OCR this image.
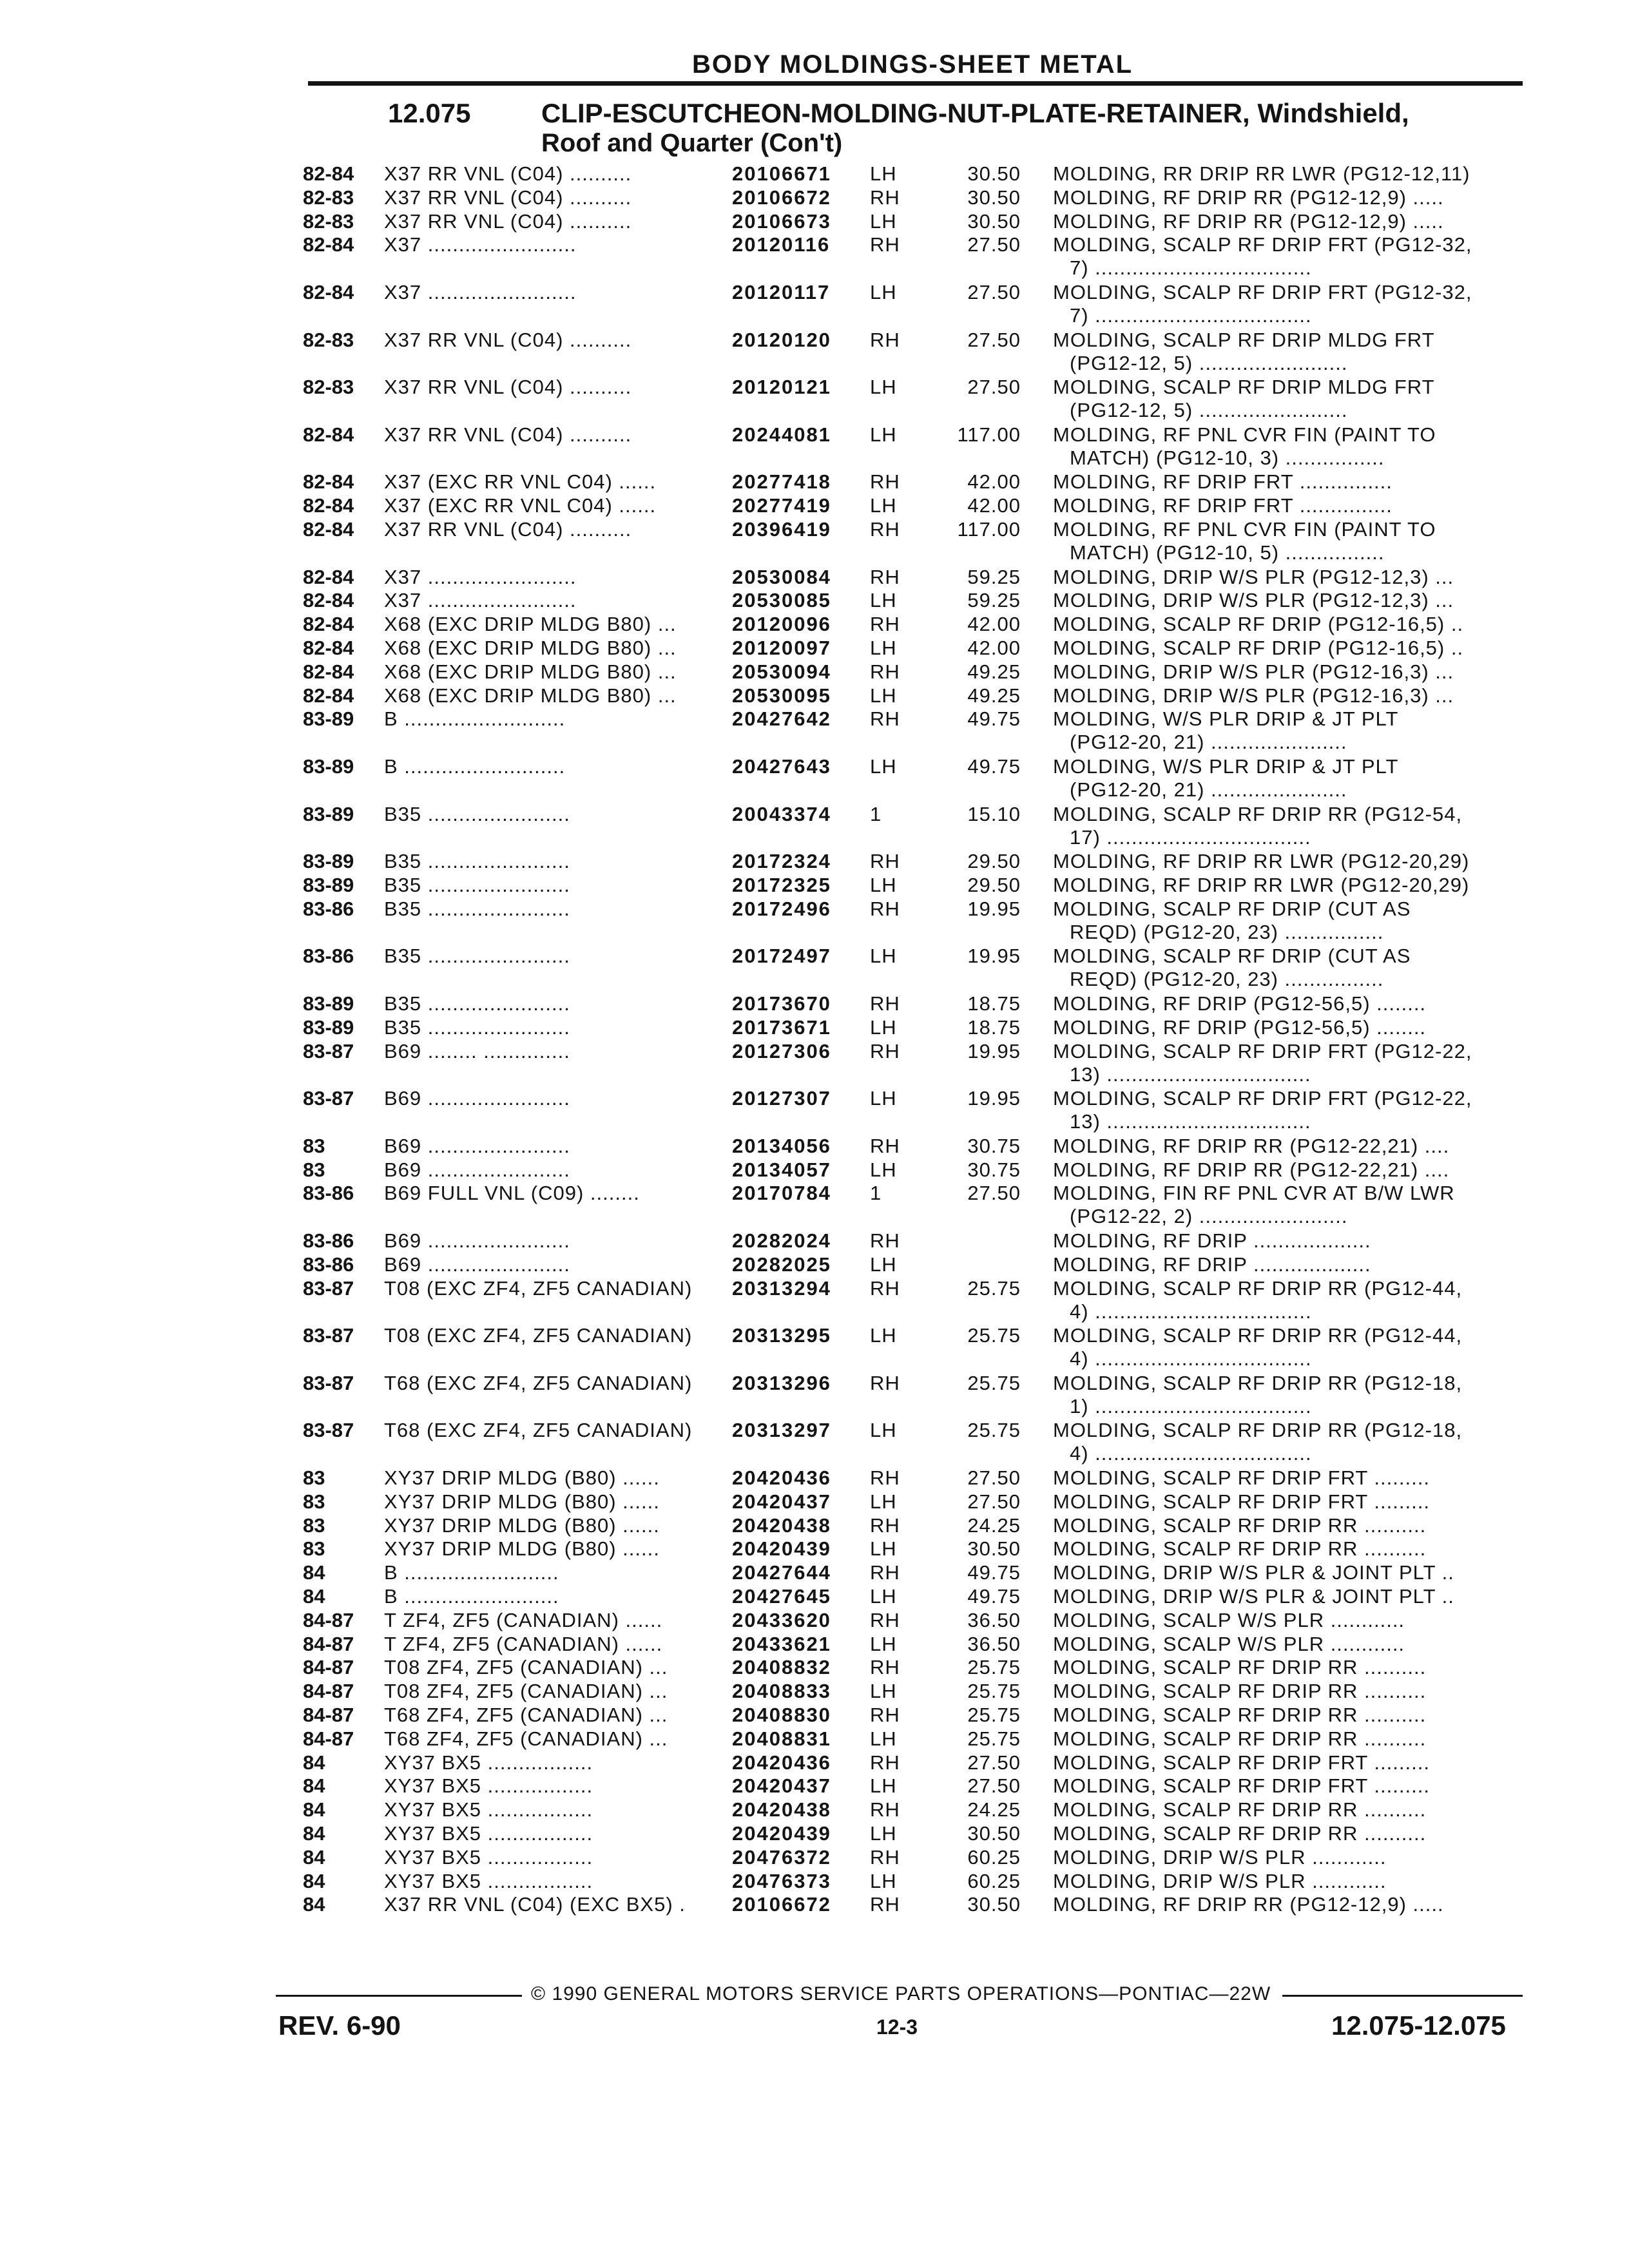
BODY MOLDINGS-SHEET METAL
12.075	CLIP-ESCUTCHEON-MOLDING-NUT-PLATE-RETAINER, Windshield,
Roof and Quarter (Con't)
82-84 X37 RR VNL (C04) ..........	20106671 LH	30.50 MOLDING, RR DRIP RR LWR (PG12-12,11)
82-83 X37 RR VNL (C04) ..........	20106672 RH	30.50 MOLDING, RF DRIP RR (PG12-12,9) .....
82-83 X37 RR VNL (C04) ..........	20106673 LH	30.50 MOLDING, RF DRIP RR (PG12-12,9) .....
82-84 X37 ........................	20120116 RH	27.50 MOLDING, SCALP RF DRIP FRT (PG12-32,
7) ...................................
82-84 X37 ........................	20120117 LH	27.50 MOLDING, SCALP RF DRIP FRT (PG12-32,
7) ...................................
82-83 X37 RR VNL (C04) ..........	20120120 RH	27.50 MOLDING, SCALP RF DRIP MLDG FRT
(PG12-12, 5) ........................
82-83 X37 RR VNL (C04) ..........	20120121 LH	27.50 MOLDING, SCALP RF DRIP MLDG FRT
(PG12-12, 5) ........................
82-84 X37 RR VNL (C04) ..........	20244081 LH	117.00 MOLDING, RF PNL CVR FIN (PAINT TO
MATCH) (PG12-10, 3) ................
82-84 X37 (EXC RR VNL C04) ......	20277418 RH	42.00 MOLDING, RF DRIP FRT ...............
82-84 X37 (EXC RR VNL C04) ......	20277419 LH	42.00 MOLDING, RF DRIP FRT ...............
82-84 X37 RR VNL (C04) ..........	20396419 RH	117.00 MOLDING, RF PNL CVR FIN (PAINT TO
MATCH) (PG12-10, 5) ................
82-84 X37 ........................	20530084 RH	59.25 MOLDING, DRIP W/S PLR (PG12-12,3) ...
82-84 X37 ........................	20530085 LH	59.25 MOLDING, DRIP W/S PLR (PG12-12,3) ...
82-84 X68 (EXC DRIP MLDG B80) ...	20120096 RH	42.00 MOLDING, SCALP RF DRIP (PG12-16,5) ..
82-84 X68 (EXC DRIP MLDG B80) ...	20120097 LH	42.00 MOLDING, SCALP RF DRIP (PG12-16,5) ..
82-84 X68 (EXC DRIP MLDG B80) ...	20530094 RH	49.25 MOLDING, DRIP W/S PLR (PG12-16,3) ...
82-84 X68 (EXC DRIP MLDG B80) ...	20530095 LH	49.25 MOLDING, DRIP W/S PLR (PG12-16,3) ...
83-89 B ..........................	20427642 RH	49.75 MOLDING, W/S PLR DRIP & JT PLT
(PG12-20, 21) ......................
83-89 B ..........................	20427643 LH	49.75 MOLDING, W/S PLR DRIP & JT PLT
(PG12-20, 21) ......................
83-89 B35 .......................	20043374 1	15.10 MOLDING, SCALP RF DRIP RR (PG12-54,
17) .................................
83-89 B35 .......................	20172324 RH	29.50 MOLDING, RF DRIP RR LWR (PG12-20,29)
83-89 B35 .......................	20172325 LH	29.50 MOLDING, RF DRIP RR LWR (PG12-20,29)
83-86 B35 .......................	20172496 RH	19.95 MOLDING, SCALP RF DRIP (CUT AS
REQD) (PG12-20, 23) ................
83-86 B35 .......................	20172497 LH	19.95 MOLDING, SCALP RF DRIP (CUT AS
REQD) (PG12-20, 23) ................
83-89 B35 .......................	20173670 RH	18.75 MOLDING, RF DRIP (PG12-56,5) ........
83-89 B35 .......................	20173671 LH	18.75 MOLDING, RF DRIP (PG12-56,5) ........
83-87 B69 ........ ..............	20127306 RH	19.95 MOLDING, SCALP RF DRIP FRT (PG12-22,
13) .................................
83-87 B69 .......................	20127307 LH	19.95 MOLDING, SCALP RF DRIP FRT (PG12-22,
13) .................................
83	B69 .......................	20134056 RH	30.75 MOLDING, RF DRIP RR (PG12-22,21) ....
83	B69 .......................	20134057 LH	30.75 MOLDING, RF DRIP RR (PG12-22,21) ....
83-86 B69 FULL VNL (C09) ........	20170784 1	27.50 MOLDING, FIN RF PNL CVR AT B/W LWR
(PG12-22, 2) ........................
83-86 B69 .......................	20282024 RH	MOLDING, RF DRIP ...................
83-86 B69 .......................	20282025 LH	MOLDING, RF DRIP ...................
83-87 T08 (EXC ZF4, ZF5 CANADIAN)	20313294 RH	25.75 MOLDING, SCALP RF DRIP RR (PG12-44,
4) ...................................
83-87 T08 (EXC ZF4, ZF5 CANADIAN)	20313295 LH	25.75 MOLDING, SCALP RF DRIP RR (PG12-44,
4) ...................................
83-87 T68 (EXC ZF4, ZF5 CANADIAN)	20313296 RH	25.75 MOLDING, SCALP RF DRIP RR (PG12-18,
1) ...................................
83-87 T68 (EXC ZF4, ZF5 CANADIAN)	20313297 LH	25.75 MOLDING, SCALP RF DRIP RR (PG12-18,
4) ...................................
83	XY37 DRIP MLDG (B80) ......	20420436 RH	27.50 MOLDING, SCALP RF DRIP FRT .........
83	XY37 DRIP MLDG (B80) ......	20420437 LH	27.50 MOLDING, SCALP RF DRIP FRT .........
83	XY37 DRIP MLDG (B80) ......	20420438 RH	24.25 MOLDING, SCALP RF DRIP RR ..........
83	XY37 DRIP MLDG (B80) ......	20420439 LH	30.50 MOLDING, SCALP RF DRIP RR ..........
84	B .........................	20427644 RH	49.75 MOLDING, DRIP W/S PLR & JOINT PLT ..
84	B .........................	20427645 LH	49.75 MOLDING, DRIP W/S PLR & JOINT PLT ..
84-87 T ZF4, ZF5 (CANADIAN) ......	20433620 RH	36.50 MOLDING, SCALP W/S PLR ............
84-87 T ZF4, ZF5 (CANADIAN) ......	20433621 LH	36.50 MOLDING, SCALP W/S PLR ............
84-87 T08 ZF4, ZF5 (CANADIAN) ...	20408832 RH	25.75 MOLDING, SCALP RF DRIP RR ..........
84-87 T08 ZF4, ZF5 (CANADIAN) ...	20408833 LH	25.75 MOLDING, SCALP RF DRIP RR ..........
84-87 T68 ZF4, ZF5 (CANADIAN) ...	20408830 RH	25.75 MOLDING, SCALP RF DRIP RR ..........
84-87 T68 ZF4, ZF5 (CANADIAN) ...	20408831 LH	25.75 MOLDING, SCALP RF DRIP RR ..........
84	XY37 BX5 .................	20420436 RH	27.50 MOLDING, SCALP RF DRIP FRT .........
84	XY37 BX5 .................	20420437 LH	27.50 MOLDING, SCALP RF DRIP FRT .........
84	XY37 BX5 .................	20420438 RH	24.25 MOLDING, SCALP RF DRIP RR ..........
84	XY37 BX5 .................	20420439 LH	30.50 MOLDING, SCALP RF DRIP RR ..........
84	XY37 BX5 .................	20476372 RH	60.25 MOLDING, DRIP W/S PLR ............
84	XY37 BX5 .................	20476373 LH	60.25 MOLDING, DRIP W/S PLR ............
84	X37 RR VNL (C04) (EXC BX5) .	20106672 RH	30.50 MOLDING, RF DRIP RR (PG12-12,9) .....
© 1990 GENERAL MOTORS SERVICE PARTS OPERATIONS—PONTIAC—22W
REV. 6-90	12-3	12.075-12.075
